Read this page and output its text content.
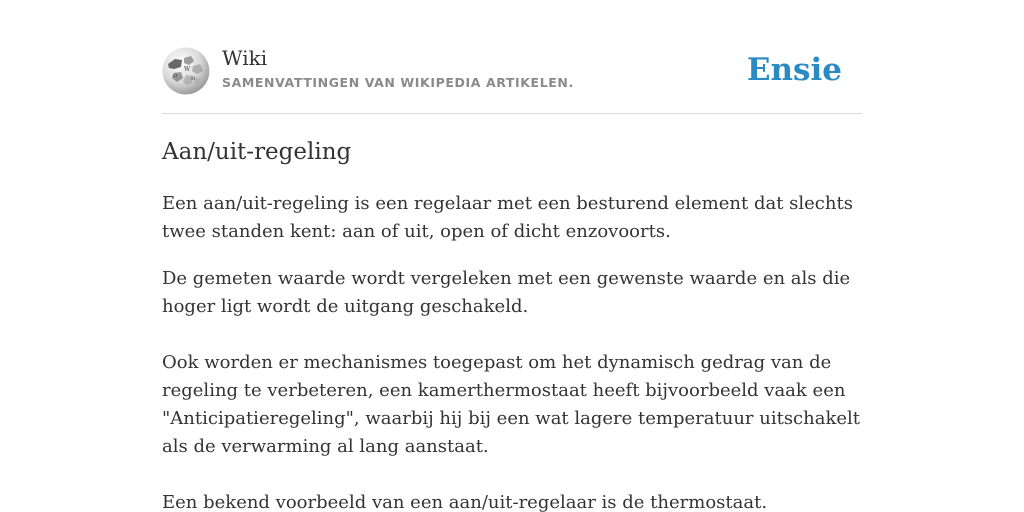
W
Ω	И
Wiki
SAMENVATTINGEN VAN WIKIPEDIA ARTIKELEN.	Ensie
Aan/uit-regeling

Een aan/uit-regeling is een regelaar met een besturend element dat slechts twee standen kent: aan of uit, open of dicht enzovoorts.

De gemeten waarde wordt vergeleken met een gewenste waarde en als die hoger ligt wordt de uitgang geschakeld.

Ook worden er mechanismes toegepast om het dynamisch gedrag van de regeling te verbeteren, een kamerthermostaat heeft bijvoorbeeld vaak een "Anticipatieregeling", waarbij hij bij een wat lagere temperatuur uitschakelt als de verwarming al lang aanstaat.

Een bekend voorbeeld van een aan/uit-regelaar is de thermostaat.
